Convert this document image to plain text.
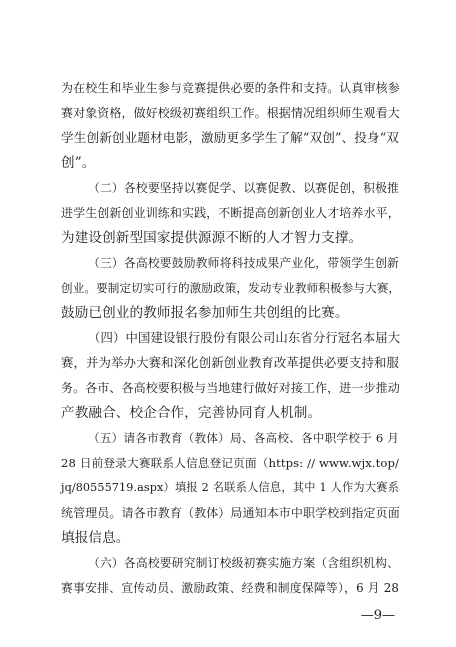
为在校生和毕业生参与竞赛提供必要的条件和支持。认真审核参
赛对象资格，做好校级初赛组织工作。根据情况组织师生观看大
学生创新创业题材电影，激励更多学生了解“双创”、投身“双
创”。
（二）各校要坚持以赛促学、以赛促教、以赛促创，积极推
进学生创新创业训练和实践，不断提高创新创业人才培养水平，
为建设创新型国家提供源源不断的人才智力支撑。
（三）各高校要鼓励教师将科技成果产业化，带领学生创新
创业。要制定切实可行的激励政策，发动专业教师积极参与大赛，
鼓励已创业的教师报名参加师生共创组的比赛。
（四）中国建设银行股份有限公司山东省分行冠名本届大
赛，并为举办大赛和深化创新创业教育改革提供必要支持和服
务。各市、各高校要积极与当地建行做好对接工作，进一步推动
产教融合、校企合作，完善协同育人机制。
（五）请各市教育（教体）局、各高校、各中职学校于 6 月
28 日前登录大赛联系人信息登记页面（https: // www.wjx.top/
jq/80555719.aspx）填报 2 名联系人信息，其中 1 人作为大赛系
统管理员。请各市教育（教体）局通知本市中职学校到指定页面
填报信息。
（六）各高校要研究制订校级初赛实施方案（含组织机构、
赛事安排、宣传动员、激励政策、经费和制度保障等），6 月 28
—9—
